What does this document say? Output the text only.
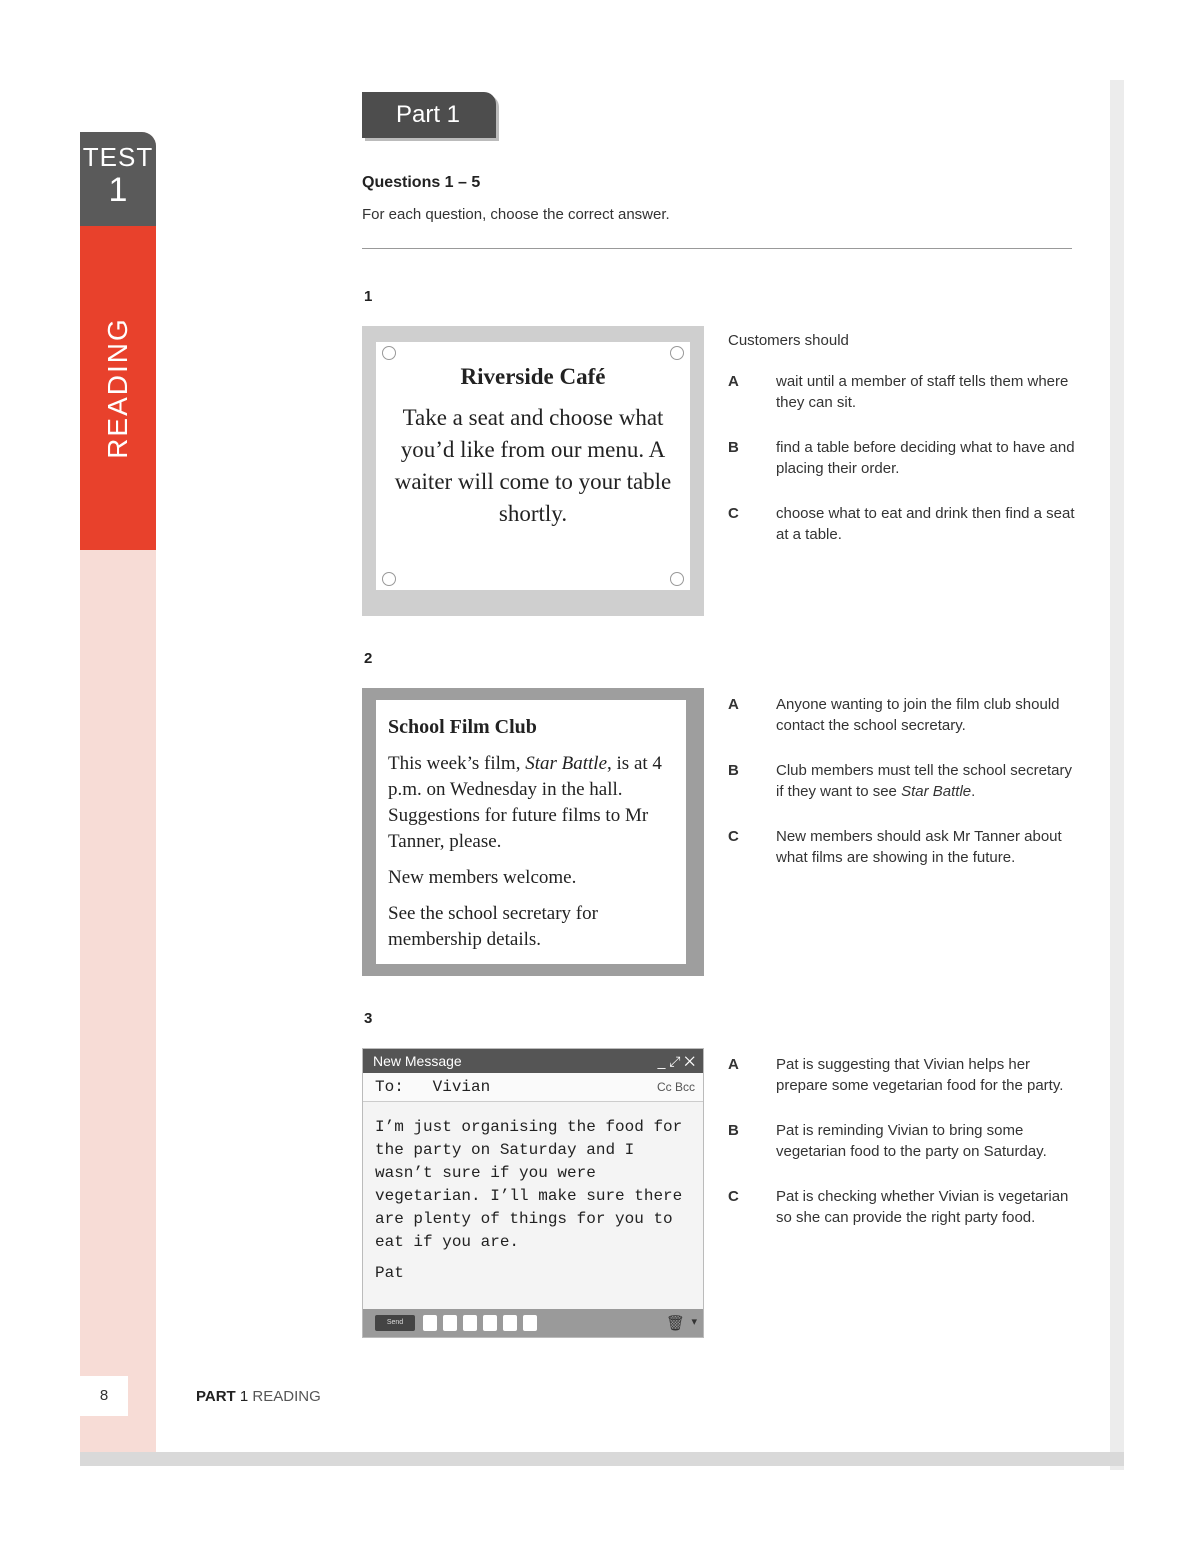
TEST
1
READING
8	PART 1 READING
Part 1
Questions 1 – 5
For each question, choose the correct answer.
1
Riverside Café
Take a seat and choose what you’d like from our menu. A waiter will come to your table shortly.
Customers should
A wait until a member of staff tells them where they can sit.
B find a table before deciding what to have and placing their order.
C choose what to eat and drink then find a seat at a table.
2
School Film Club

This week’s film, Star Battle, is at 4 p.m. on Wednesday in the hall. Suggestions for future films to Mr Tanner, please.

New members welcome.

See the school secretary for membership details.

A Anyone wanting to join the film club should contact the school secretary.
B Club members must tell the school secretary if they want to see Star Battle.
C New members should ask Mr Tanner about what films are showing in the future.
3
New Message	_ ⤢ ✕
To: Vivian	Cc Bcc
I’m just organising the food for the party on Saturday and I wasn’t sure if you were vegetarian. I’ll make sure there are plenty of things for you to eat if you are.
Pat
Send	🗑 ▾
A Pat is suggesting that Vivian helps her prepare some vegetarian food for the party.
B Pat is reminding Vivian to bring some vegetarian food to the party on Saturday.
C Pat is checking whether Vivian is vegetarian so she can provide the right party food.
